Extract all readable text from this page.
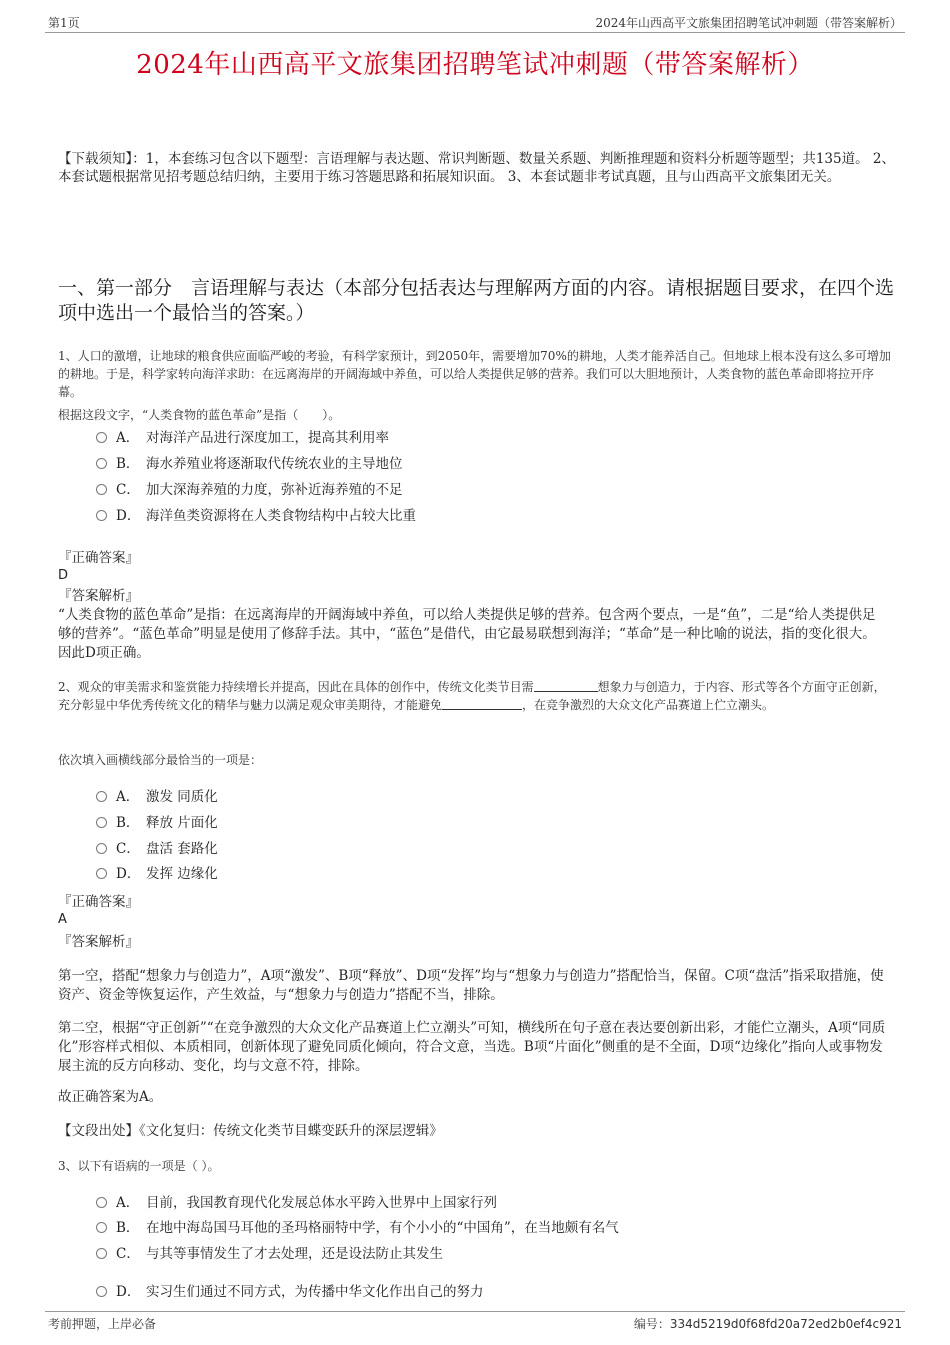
第1页	2024年山西高平文旅集团招聘笔试冲刺题（带答案解析）
2024年山西高平文旅集团招聘笔试冲刺题（带答案解析）
【下载须知】：1，本套练习包含以下题型：言语理解与表达题、常识判断题、数量关系题、判断推理题和资料分析题等题型；共135道。 2、本套试题根据常见招考题总结归纳，主要用于练习答题思路和拓展知识面。 3、本套试题非考试真题，且与山西高平文旅集团无关。
一、第一部分　言语理解与表达（本部分包括表达与理解两方面的内容。请根据题目要求，在四个选项中选出一个最恰当的答案。）
1、人口的激增，让地球的粮食供应面临严峻的考验，有科学家预计，到2050年，需要增加70%的耕地，人类才能养活自己。但地球上根本没有这么多可增加的耕地。于是，科学家转向海洋求助：在远离海岸的开阔海域中养鱼，可以给人类提供足够的营养。我们可以大胆地预计，人类食物的蓝色革命即将拉开序幕。
根据这段文字，“人类食物的蓝色革命”是指（　　）。
A． 对海洋产品进行深度加工，提高其利用率
B． 海水养殖业将逐渐取代传统农业的主导地位
C． 加大深海养殖的力度，弥补近海养殖的不足
D． 海洋鱼类资源将在人类食物结构中占较大比重
『正确答案』
D
『答案解析』
“人类食物的蓝色革命”是指：在远离海岸的开阔海域中养鱼，可以给人类提供足够的营养。包含两个要点，一是“鱼”，二是“给人类提供足够的营养”。“蓝色革命”明显是使用了修辞手法。其中，“蓝色”是借代，由它最易联想到海洋；“革命”是一种比喻的说法，指的变化很大。因此D项正确。
2、观众的审美需求和鉴赏能力持续增长并提高，因此在具体的创作中，传统文化类节目需	想象力与创造力，于内容、形式等各个方面守正创新，充分彰显中华优秀传统文化的精华与魅力以满足观众审美期待，才能避免	，在竞争激烈的大众文化产品赛道上伫立潮头。
依次填入画横线部分最恰当的一项是：
A． 激发 同质化
B． 释放 片面化
C． 盘活 套路化
D． 发挥 边缘化
『正确答案』
A
『答案解析』
第一空，搭配“想象力与创造力”，A项“激发”、B项“释放”、D项“发挥”均与“想象力与创造力”搭配恰当，保留。C项“盘活”指采取措施，使资产、资金等恢复运作，产生效益，与“想象力与创造力”搭配不当，排除。
第二空，根据“守正创新”“在竞争激烈的大众文化产品赛道上伫立潮头”可知，横线所在句子意在表达要创新出彩，才能伫立潮头，A项“同质化”形容样式相似、本质相同，创新体现了避免同质化倾向，符合文意，当选。B项“片面化”侧重的是不全面，D项“边缘化”指向人或事物发展主流的反方向移动、变化，均与文意不符，排除。
故正确答案为A。
【文段出处】《文化复归：传统文化类节目蝶变跃升的深层逻辑》
3、以下有语病的一项是（ ）。
A． 目前，我国教育现代化发展总体水平跨入世界中上国家行列
B． 在地中海岛国马耳他的圣玛格丽特中学，有个小小的“中国角”，在当地颇有名气
C． 与其等事情发生了才去处理，还是设法防止其发生
D． 实习生们通过不同方式，为传播中华文化作出自己的努力
考前押题，上岸必备	编号：334d5219d0f68fd20a72ed2b0ef4c921
